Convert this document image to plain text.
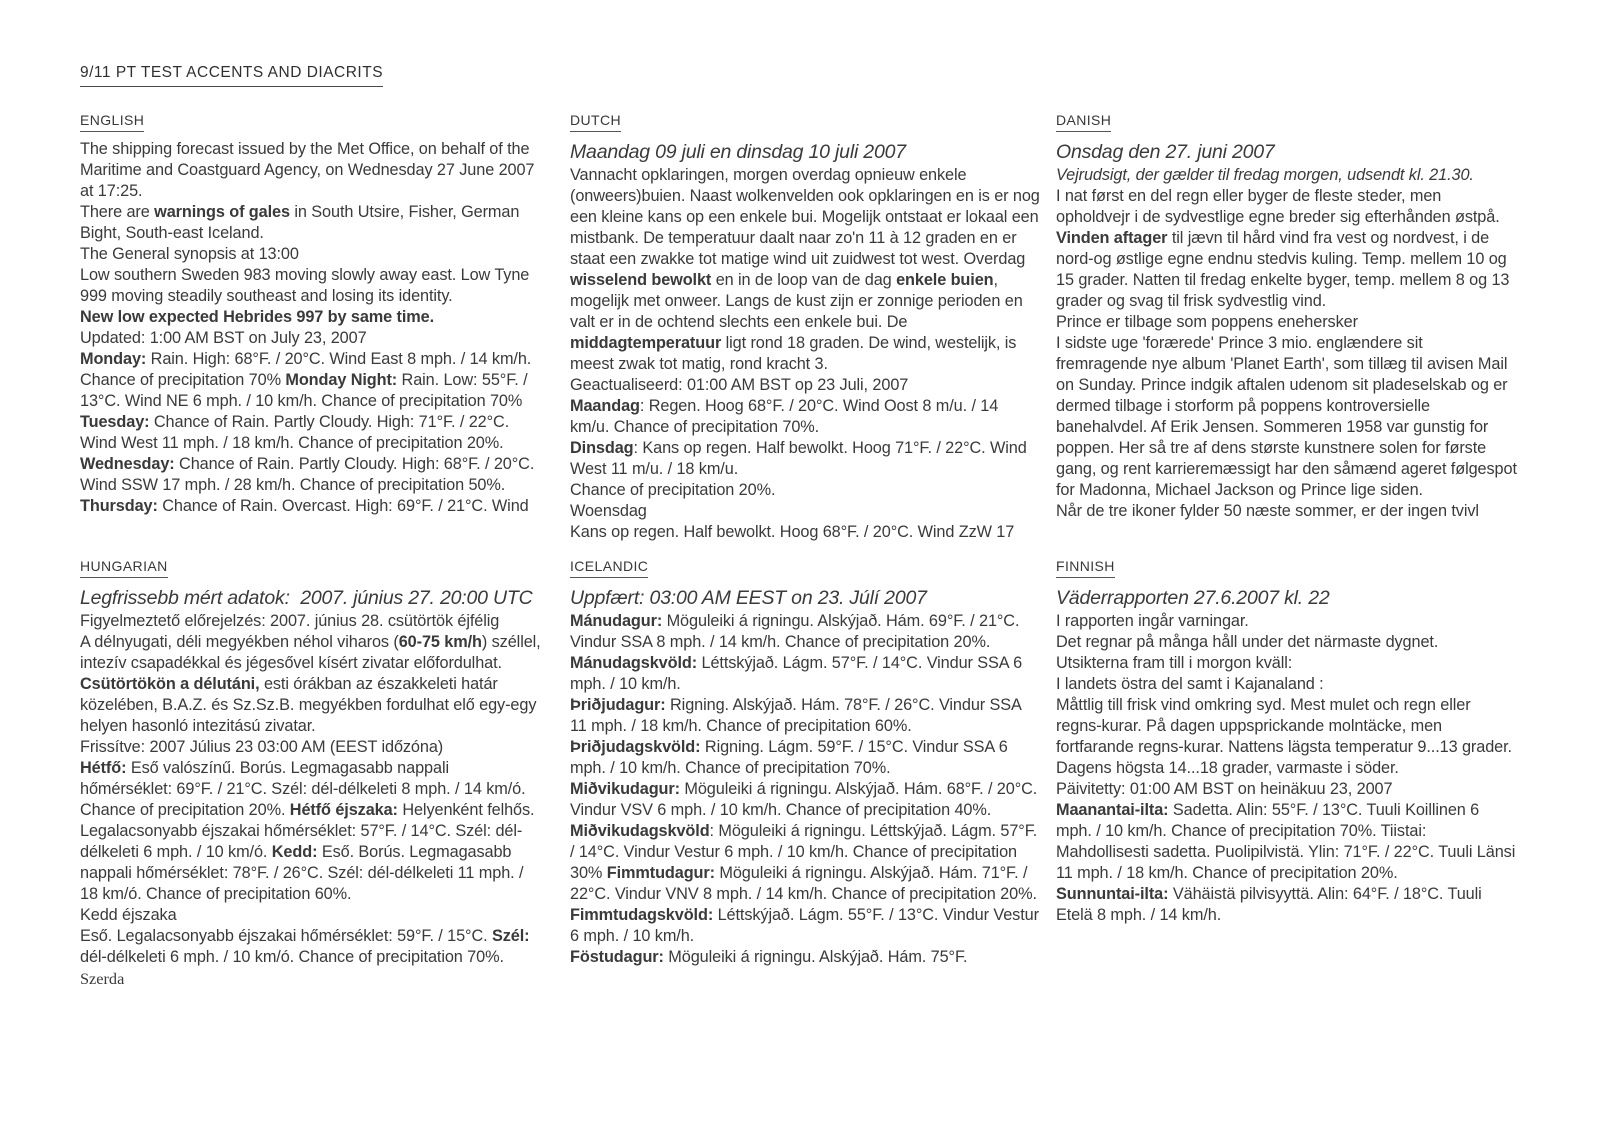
9/11 PT TEST ACCENTS AND DIACRITS
ENGLISH

The shipping forecast issued by the Met Office, on behalf of the Maritime and Coastguard Agency, on Wednesday 27 June 2007 at 17:25.

There are warnings of gales in South Utsire, Fisher, German Bight, South-east Iceland.

The General synopsis at 13:00

Low southern Sweden 983 moving slowly away east. Low Tyne 999 moving steadily southeast and losing its identity.

New low expected Hebrides 997 by same time.

Updated: 1:00 AM BST on July 23, 2007

Monday: Rain. High: 68°F. / 20°C. Wind East 8 mph. / 14 km/h. Chance of precipitation 70% Monday Night: Rain. Low: 55°F. / 13°C. Wind NE 6 mph. / 10 km/h. Chance of precipitation 70% Tuesday: Chance of Rain. Partly Cloudy. High: 71°F. / 22°C. Wind West 11 mph. / 18 km/h. Chance of precipitation 20%. Wednesday: Chance of Rain. Partly Cloudy. High: 68°F. / 20°C. Wind SSW 17 mph. / 28 km/h. Chance of precipitation 50%.

Thursday: Chance of Rain. Overcast. High: 69°F. / 21°C. Wind

DUTCH

Maandag 09 juli en dinsdag 10 juli 2007

Vannacht opklaringen, morgen overdag opnieuw enkele (onweers)buien. Naast wolkenvelden ook opklaringen en is er nog een kleine kans op een enkele bui. Mogelijk ontstaat er lokaal een mistbank. De temperatuur daalt naar zo'n 11 à 12 graden en er staat een zwakke tot matige wind uit zuidwest tot west. Overdag wisselend bewolkt en in de loop van de dag enkele buien, mogelijk met onweer. Langs de kust zijn er zonnige perioden en valt er in de ochtend slechts een enkele bui. De middagtemperatuur ligt rond 18 graden. De wind, westelijk, is meest zwak tot matig, rond kracht 3.

Geactualiseerd: 01:00 AM BST op 23 Juli, 2007

Maandag: Regen. Hoog 68°F. / 20°C. Wind Oost 8 m/u. / 14 km/u. Chance of precipitation 70%.

Dinsdag: Kans op regen. Half bewolkt. Hoog 71°F. / 22°C. Wind West 11 m/u. / 18 km/u.

Chance of precipitation 20%.

Woensdag

Kans op regen. Half bewolkt. Hoog 68°F. / 20°C. Wind ZzW 17

DANISH

Onsdag den 27. juni 2007

Vejrudsigt, der gælder til fredag morgen, udsendt kl. 21.30.

I nat først en del regn eller byger de fleste steder, men opholdvejr i de sydvestlige egne breder sig efterhånden østpå. Vinden aftager til jævn til hård vind fra vest og nordvest, i de nord-og østlige egne endnu stedvis kuling. Temp. mellem 10 og 15 grader. Natten til fredag enkelte byger, temp. mellem 8 og 13 grader og svag til frisk sydvestlig vind.

Prince er tilbage som poppens enehersker

I sidste uge 'forærede' Prince 3 mio. englændere sit fremragende nye album 'Planet Earth', som tillæg til avisen Mail on Sunday. Prince indgik aftalen udenom sit pladeselskab og er dermed tilbage i storform på poppens kontroversielle banehalvdel. Af Erik Jensen. Sommeren 1958 var gunstig for poppen. Her så tre af dens største kunstnere solen for første gang, og rent karrieremæssigt har den såmænd ageret følgespot for Madonna, Michael Jackson og Prince lige siden.

Når de tre ikoner fylder 50 næste sommer, er der ingen tvivl

HUNGARIAN

Legfrissebb mért adatok:  2007. június 27. 20:00 UTC

Figyelmeztető előrejelzés: 2007. június 28. csütörtök éjfélig

A délnyugati, déli megyékben néhol viharos (60-75 km/h) széllel, intezív csapadékkal és jégesővel kísért zivatar előfordulhat. Csütörtökön a délutáni, esti órákban az északkeleti határ közelében, B.A.Z. és Sz.Sz.B. megyékben fordulhat elő egy-egy helyen hasonló intezitású zivatar.

Frissítve: 2007 Július 23 03:00 AM (EEST időzóna)

Hétfő: Eső valószínű. Borús. Legmagasabb nappali hőmérséklet: 69°F. / 21°C. Szél: dél-délkeleti 8 mph. / 14 km/ó. Chance of precipitation 20%. Hétfő éjszaka: Helyenként felhős. Legalacsonyabb éjszakai hőmérséklet: 57°F. / 14°C. Szél: dél-délkeleti 6 mph. / 10 km/ó. Kedd: Eső. Borús. Legmagasabb nappali hőmérséklet: 78°F. / 26°C. Szél: dél-délkeleti 11 mph. / 18 km/ó. Chance of precipitation 60%.

Kedd éjszaka

Eső. Legalacsonyabb éjszakai hőmérséklet: 59°F. / 15°C. Szél: dél-délkeleti 6 mph. / 10 km/ó. Chance of precipitation 70%.

Szerda

ICELANDIC

Uppfært: 03:00 AM EEST on 23. Júlí 2007

Mánudagur: Möguleiki á rigningu. Alskýjað. Hám. 69°F. / 21°C. Vindur SSA 8 mph. / 14 km/h. Chance of precipitation 20%. Mánudagskvöld: Léttskýjað. Lágm. 57°F. / 14°C. Vindur SSA 6 mph. / 10 km/h.

Þriðjudagur: Rigning. Alskýjað. Hám. 78°F. / 26°C. Vindur SSA 11 mph. / 18 km/h. Chance of precipitation 60%.

Þriðjudagskvöld: Rigning. Lágm. 59°F. / 15°C. Vindur SSA 6 mph. / 10 km/h. Chance of precipitation 70%.

Miðvikudagur: Möguleiki á rigningu. Alskýjað. Hám. 68°F. / 20°C. Vindur VSV 6 mph. / 10 km/h. Chance of precipitation 40%. Miðvikudagskvöld: Möguleiki á rigningu. Léttskýjað. Lágm. 57°F. / 14°C. Vindur Vestur 6 mph. / 10 km/h. Chance of precipitation 30% Fimmtudagur: Möguleiki á rigningu. Alskýjað. Hám. 71°F. / 22°C. Vindur VNV 8 mph. / 14 km/h. Chance of precipitation 20%.

Fimmtudagskvöld: Léttskýjað. Lágm. 55°F. / 13°C. Vindur Vestur 6 mph. / 10 km/h.

Föstudagur: Möguleiki á rigningu. Alskýjað. Hám. 75°F.

FINNISH

Väderrapporten 27.6.2007 kl. 22

I rapporten ingår varningar.

Det regnar på många håll under det närmaste dygnet.

Utsikterna fram till i morgon kväll:

I landets östra del samt i Kajanaland :

Måttlig till frisk vind omkring syd. Mest mulet och regn eller regns-kurar. På dagen uppsprickande molntäcke, men fortfarande regns-kurar. Nattens lägsta temperatur 9...13 grader. Dagens högsta 14...18 grader, varmaste i söder.

Päivitetty: 01:00 AM BST on heinäkuu 23, 2007

Maanantai-ilta: Sadetta. Alin: 55°F. / 13°C. Tuuli Koillinen 6 mph. / 10 km/h. Chance of precipitation 70%. Tiistai: Mahdollisesti sadetta. Puolipilvistä. Ylin: 71°F. / 22°C. Tuuli Länsi 11 mph. / 18 km/h. Chance of precipitation 20%.

Sunnuntai-ilta: Vähäistä pilvisyyttä. Alin: 64°F. / 18°C. Tuuli Etelä 8 mph. / 14 km/h.
